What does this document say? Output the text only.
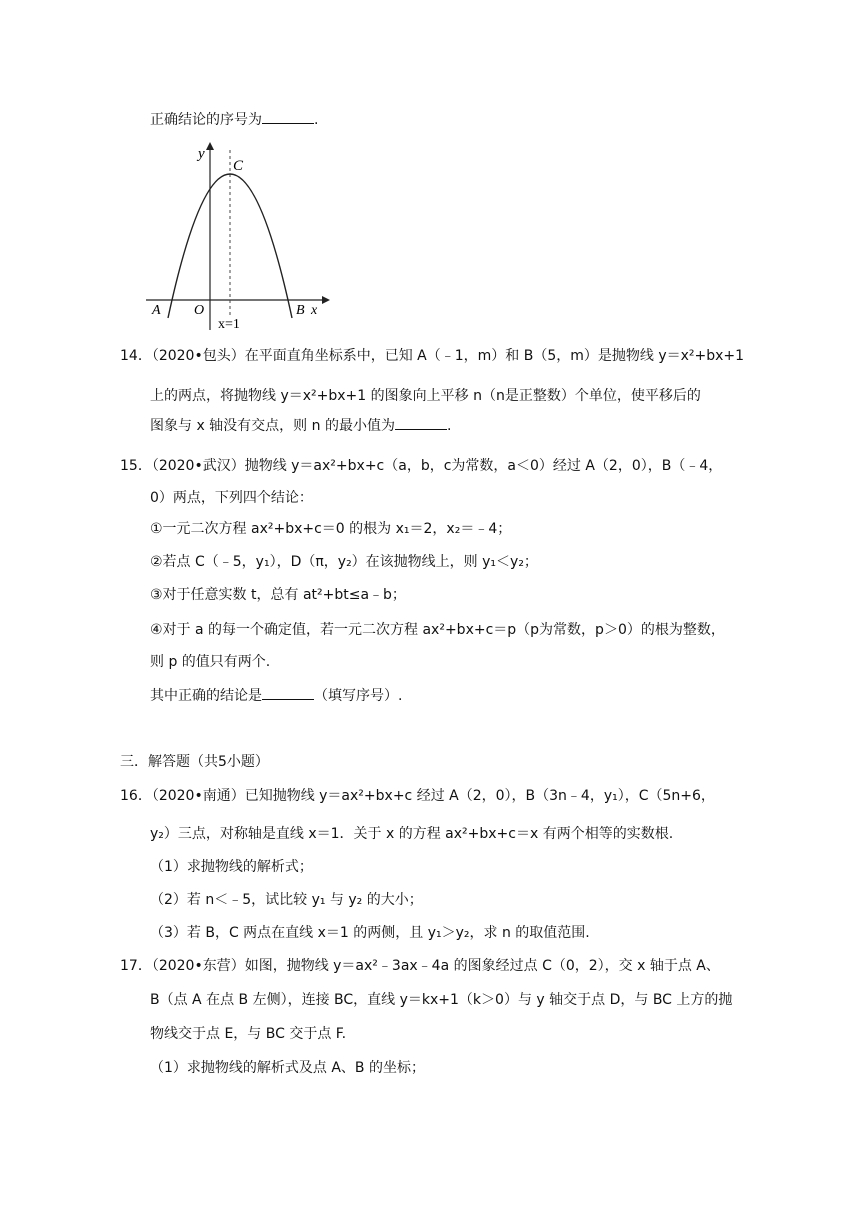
正确结论的序号为	.
y
C
A O	B x
x=1
14．（2020•包头）在平面直角坐标系中，已知 A（﹣1，m）和 B（5，m）是抛物线 y＝x²+bx+1
上的两点，将抛物线 y＝x²+bx+1 的图象向上平移 n（n是正整数）个单位，使平移后的
图象与 x 轴没有交点，则 n 的最小值为	.
15．（2020•武汉）抛物线 y＝ax²+bx+c（a，b，c为常数，a＜0）经过 A（2，0），B（﹣4，
0）两点，下列四个结论：
①一元二次方程 ax²+bx+c＝0 的根为 x₁＝2，x₂＝﹣4；
②若点 C（﹣5，y₁），D（π，y₂）在该抛物线上，则 y₁＜y₂；
③对于任意实数 t，总有 at²+bt≤a﹣b；
④对于 a 的每一个确定值，若一元二次方程 ax²+bx+c＝p（p为常数，p＞0）的根为整数，
则 p 的值只有两个.
其中正确的结论是	（填写序号）.
三．解答题（共5小题）
16．（2020•南通）已知抛物线 y＝ax²+bx+c 经过 A（2，0），B（3n﹣4，y₁），C（5n+6，
y₂）三点，对称轴是直线 x＝1．关于 x 的方程 ax²+bx+c＝x 有两个相等的实数根.
（1）求抛物线的解析式；
（2）若 n＜﹣5，试比较 y₁ 与 y₂ 的大小；
（3）若 B，C 两点在直线 x＝1 的两侧，且 y₁＞y₂，求 n 的取值范围.
17．（2020•东营）如图，抛物线 y＝ax²﹣3ax﹣4a 的图象经过点 C（0，2），交 x 轴于点 A、
B（点 A 在点 B 左侧），连接 BC，直线 y＝kx+1（k＞0）与 y 轴交于点 D，与 BC 上方的抛
物线交于点 E，与 BC 交于点 F.
（1）求抛物线的解析式及点 A、B 的坐标；
